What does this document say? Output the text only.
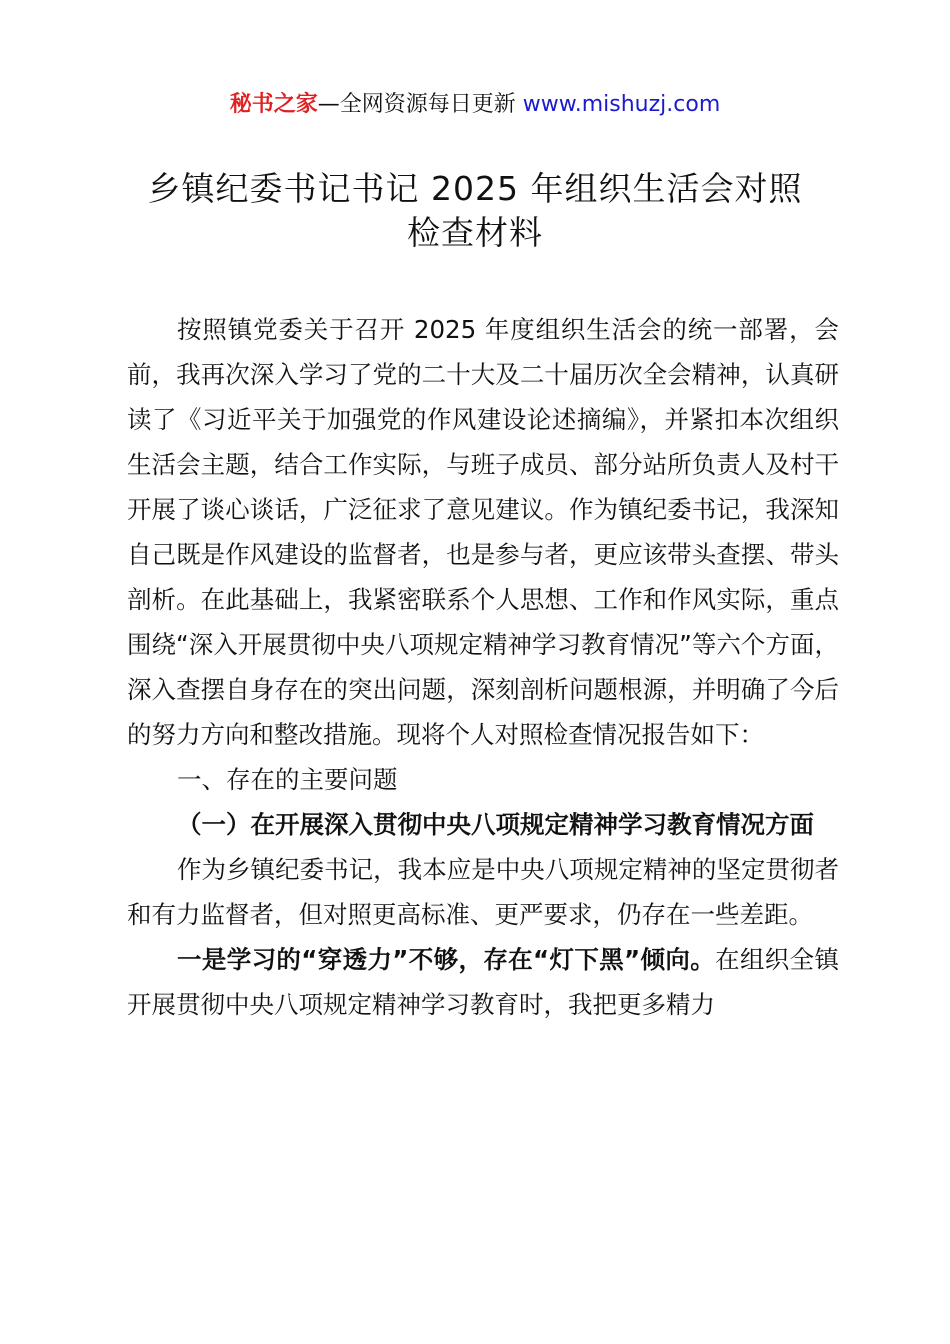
秘书之家—全网资源每日更新 www.mishuzj.com
乡镇纪委书记书记 2025 年组织生活会对照
检查材料

按照镇党委关于召开 2025 年度组织生活会的统一部署，会前，我再次深入学习了党的二十大及二十届历次全会精神，认真研读了《习近平关于加强党的作风建设论述摘编》，并紧扣本次组织生活会主题，结合工作实际，与班子成员、部分站所负责人及村干开展了谈心谈话，广泛征求了意见建议。作为镇纪委书记，我深知自己既是作风建设的监督者，也是参与者，更应该带头查摆、带头剖析。在此基础上，我紧密联系个人思想、工作和作风实际，重点围绕“深入开展贯彻中央八项规定精神学习教育情况”等六个方面，深入查摆自身存在的突出问题，深刻剖析问题根源，并明确了今后的努力方向和整改措施。现将个人对照检查情况报告如下：

一、存在的主要问题

（一）在开展深入贯彻中央八项规定精神学习教育情况方面

作为乡镇纪委书记，我本应是中央八项规定精神的坚定贯彻者和有力监督者，但对照更高标准、更严要求，仍存在一些差距。

一是学习的“穿透力”不够，存在“灯下黑”倾向。在组织全镇开展贯彻中央八项规定精神学习教育时，我把更多精力
